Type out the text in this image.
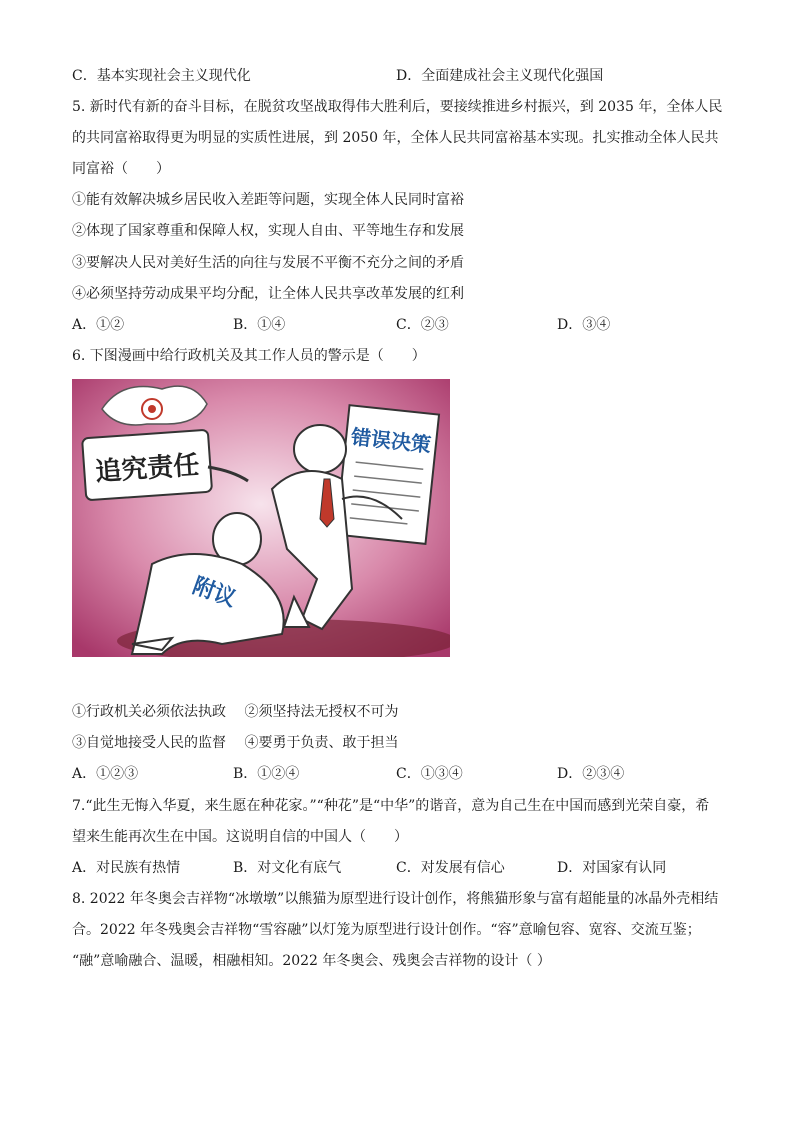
C．基本实现社会主义现代化	D．全面建成社会主义现代化强国
5. 新时代有新的奋斗目标，在脱贫攻坚战取得伟大胜利后，要接续推进乡村振兴，到 2035 年，全体人民
的共同富裕取得更为明显的实质性进展，到 2050 年，全体人民共同富裕基本实现。扎实推动全体人民共
同富裕（　　）
①能有效解决城乡居民收入差距等问题，实现全体人民同时富裕
②体现了国家尊重和保障人权，实现人自由、平等地生存和发展
③要解决人民对美好生活的向往与发展不平衡不充分之间的矛盾
④必须坚持劳动成果平均分配，让全体人民共享改革发展的红利
A．①②	B．①④	C．②③	D．③④
6. 下图漫画中给行政机关及其工作人员的警示是（　　）
追究责任
错误决策
附议
①行政机关必须依法执政　 ②须坚持法无授权不可为
③自觉地接受人民的监督　 ④要勇于负责、敢于担当
A．①②③	B．①②④	C．①③④	D．②③④
7.“此生无悔入华夏，来生愿在种花家。”“种花”是“中华”的谐音，意为自己生在中国而感到光荣自豪，希
望来生能再次生在中国。这说明自信的中国人（　　）
A．对民族有热情	B．对文化有底气	C．对发展有信心	D．对国家有认同
8. 2022 年冬奥会吉祥物“冰墩墩”以熊猫为原型进行设计创作，将熊猫形象与富有超能量的冰晶外壳相结
合。2022 年冬残奥会吉祥物“雪容融”以灯笼为原型进行设计创作。“容”意喻包容、宽容、交流互鉴；
“融”意喻融合、温暖，相融相知。2022 年冬奥会、残奥会吉祥物的设计（ ）
